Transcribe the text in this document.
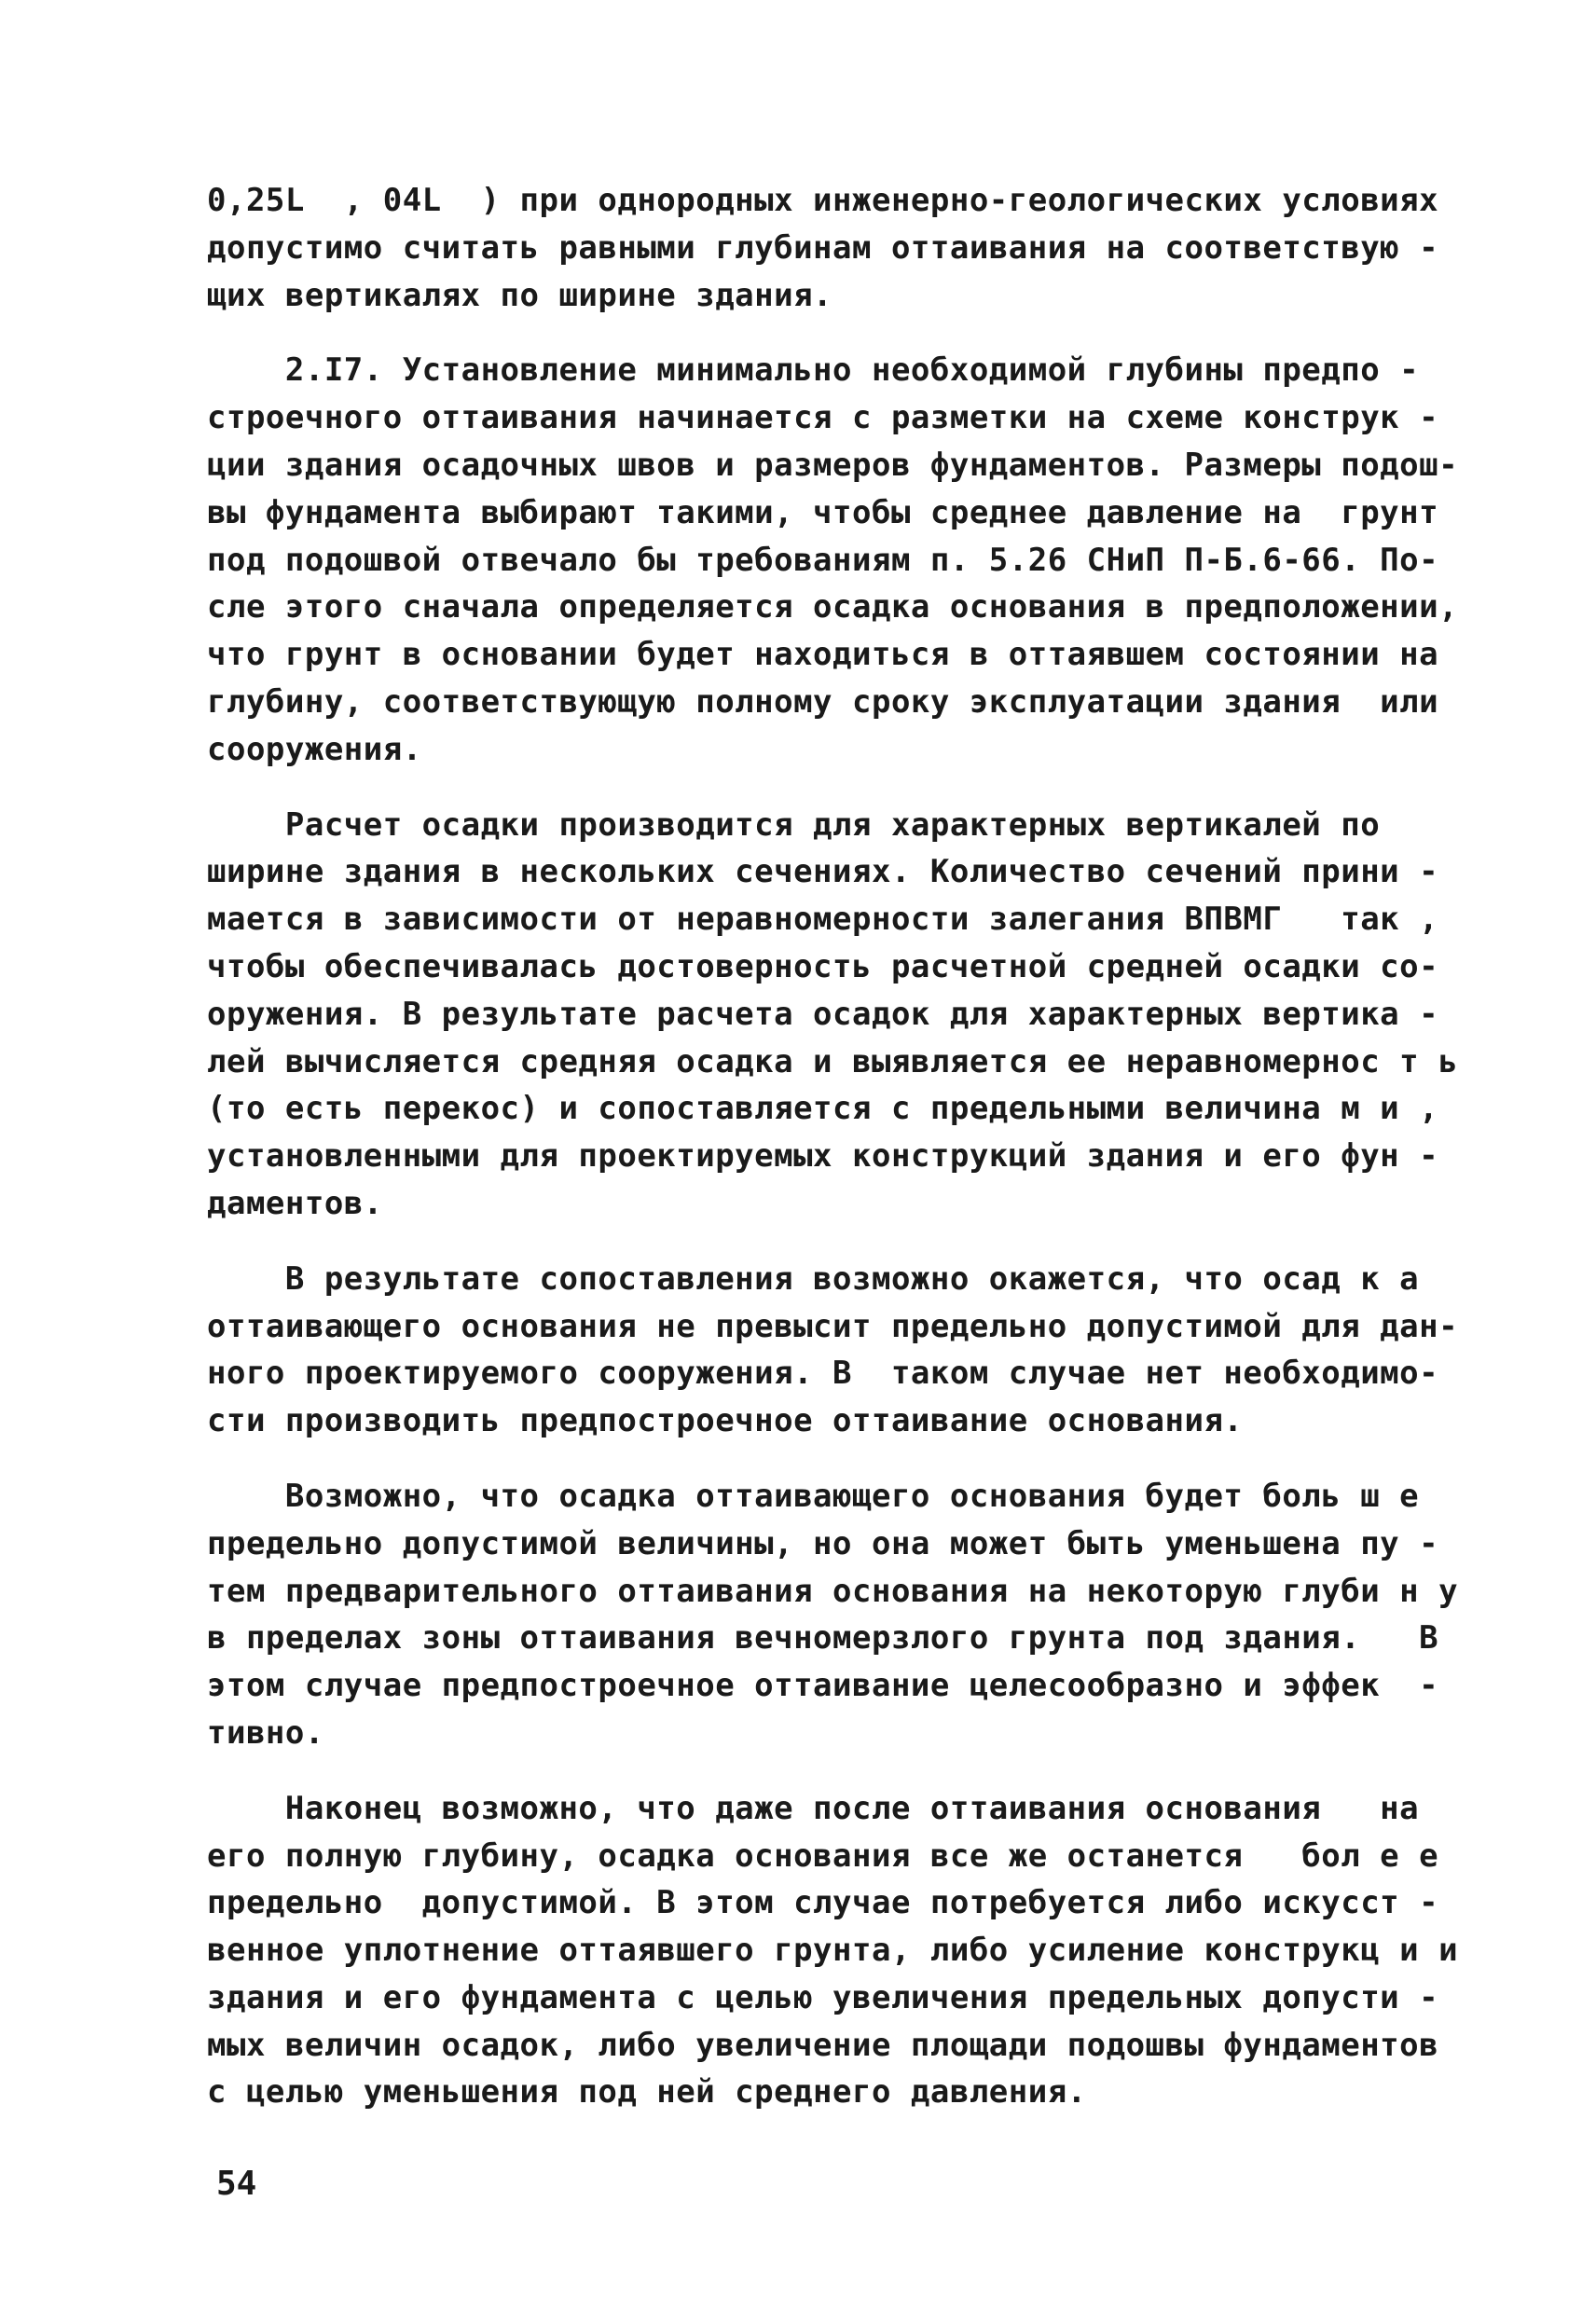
0,25L  , 04L  ) при однородных инженерно-геологических условиях
допустимо считать равными глубинам оттаивания на соответствую -
щих вертикалях по ширине здания.
2.I7. Установление минимально необходимой глубины предпо -
строечного оттаивания начинается с разметки на схеме конструк -
ции здания осадочных швов и размеров фундаментов. Размеры подош-
вы фундамента выбирают такими, чтобы среднее давление на  грунт
под подошвой отвечало бы требованиям п. 5.26 СНиП П-Б.6-66. По-
сле этого сначала определяется осадка основания в предположении,
что грунт в основании будет находиться в оттаявшем состоянии на
глубину, соответствующую полному сроку эксплуатации здания  или
сооружения.
Расчет осадки производится для характерных вертикалей по
ширине здания в нескольких сечениях. Количество сечений прини -
мается в зависимости от неравномерности залегания ВПВМГ   так ,
чтобы обеспечивалась достоверность расчетной средней осадки со-
оружения. В результате расчета осадок для характерных вертика -
лей вычисляется средняя осадка и выявляется ее неравномернос т ь
(то есть перекос) и сопоставляется с предельными величина м и ,
установленными для проектируемых конструкций здания и его фун -
даментов.
В результате сопоставления возможно окажется, что осад к а
оттаивающего основания не превысит предельно допустимой для дан-
ного проектируемого сооружения. В  таком случае нет необходимо-
сти производить предпостроечное оттаивание основания.
Возможно, что осадка оттаивающего основания будет боль ш е
предельно допустимой величины, но она может быть уменьшена пу -
тем предварительного оттаивания основания на некоторую глуби н у
в пределах зоны оттаивания вечномерзлого грунта под здания.   В
этом случае предпостроечное оттаивание целесообразно и эффек  -
тивно.
Наконец возможно, что даже после оттаивания основания   на
его полную глубину, осадка основания все же останется   бол е е
предельно  допустимой. В этом случае потребуется либо искусст -
венное уплотнение оттаявшего грунта, либо усиление конструкц и и
здания и его фундамента с целью увеличения предельных допусти -
мых величин осадок, либо увеличение площади подошвы фундаментов
с целью уменьшения под ней среднего давления.
54
